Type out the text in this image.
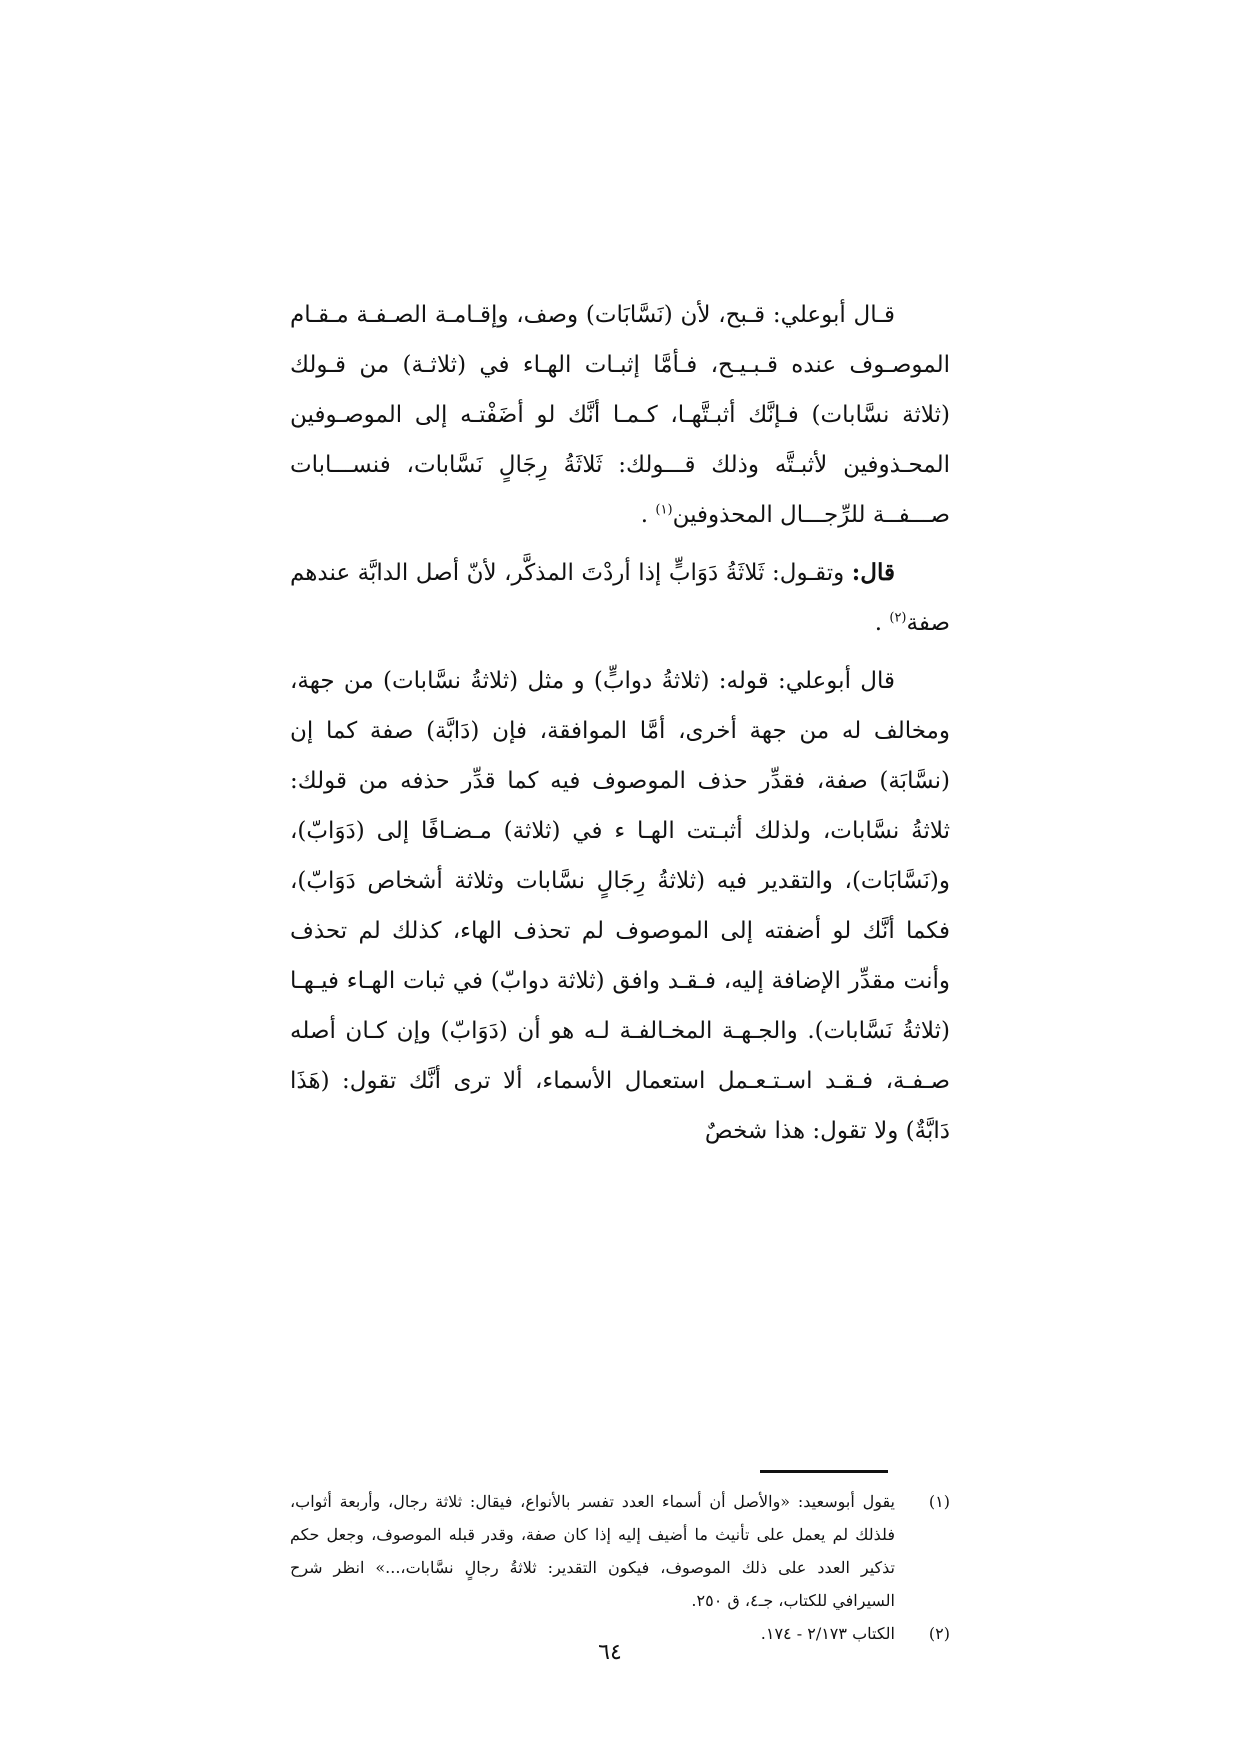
قـال أبوعلي: قـبح، لأن (نَسَّابَات) وصف، وإقـامـة الصـفـة مـقـام الموصـوف عنده قـبـيـح، فـأمَّا إثبـات الهـاء في (ثلاثـة) من قـولك (ثلاثة نسَّابات) فـإنَّك أثبـتَّهـا، كـمـا أنَّك لو أضَفْتـه إلى الموصـوفين المحـذوفين لأثبـتَّه وذلك قـــولك: ثَلاثَةُ رِجَالٍ نَسَّابات، فنســـابات صـــفــة للرِّجـــال المحذوفين$^{(١)}$ .

قال: وتقـول: ثَلاثَةُ دَوَابٍّ إذا أردْتَ المذكَّر، لأنّ أصل الدابَّة عندهم صفة$^{(٢)}$ .

قال أبوعلي: قوله: (ثلاثةُ دوابٍّ) و مثل (ثلاثةُ نسَّابات) من جهة، ومخالف له من جهة أخرى، أمَّا الموافقة، فإن (دَابَّة) صفة كما إن (نسَّابَة) صفة، فقدِّر حذف الموصوف فيه كما قدِّر حذفه من قولك: ثلاثةُ نسَّابات، ولذلك أثبـتت الهـا ء في (ثلاثة) مـضـافًا إلى (دَوَابّ)، و(نَسَّابَات)، والتقدير فيه (ثلاثةُ رِجَالٍ نسَّابات وثلاثة أشخاص دَوَابّ)، فكما أنَّك لو أضفته إلى الموصوف لم تحذف الهاء، كذلك لم تحذف وأنت مقدِّر الإضافة إليه، فـقـد وافق (ثلاثة دوابّ) في ثبات الهـاء فيـهـا (ثلاثةُ نَسَّابات). والجـهـة المخـالفـة لـه هو أن (دَوَابّ) وإن كـان أصله صـفـة، فـقـد اسـتـعـمل استعمال الأسماء، ألا ترى أنَّك تقول: (هَذَا دَابَّةٌ) ولا تقول: هذا شخصٌ

(١)
يقول أبوسعيد: «والأصل أن أسماء العدد تفسر بالأنواع، فيقال: ثلاثة رجال، وأربعة أثواب، فلذلك لم يعمل على تأنيث ما أضيف إليه إذا كان صفة، وقدر قبله الموصوف، وجعل حكم تذكير العدد على ذلك الموصوف، فيكون التقدير: ثلاثةُ رجالٍ نسَّابات،...» انظر شرح السيرافي للكتاب، جـ٤، ق ٢٥٠.
(٢)
الكتاب ٢/١٧٣ - ١٧٤.
٦٤
